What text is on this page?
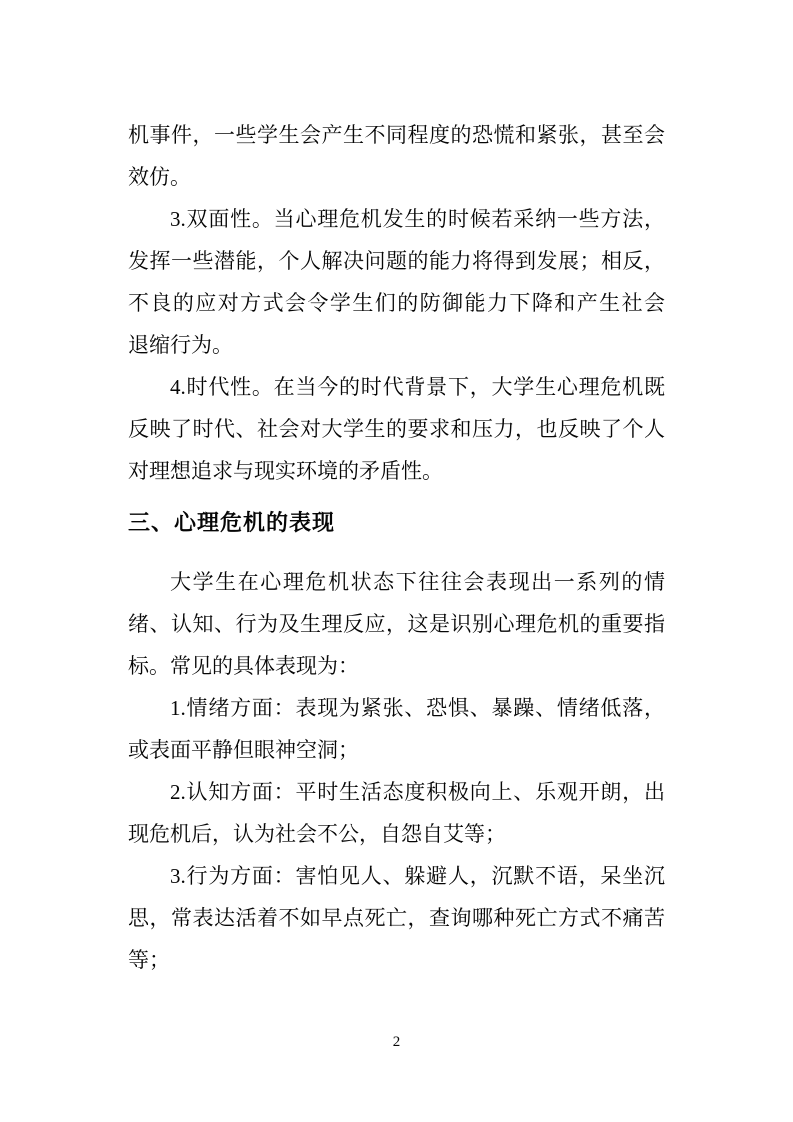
机事件，一些学生会产生不同程度的恐慌和紧张，甚至会
效仿。
3.双面性。当心理危机发生的时候若采纳一些方法，
发挥一些潜能，个人解决问题的能力将得到发展；相反，
不良的应对方式会令学生们的防御能力下降和产生社会
退缩行为。
4.时代性。在当今的时代背景下，大学生心理危机既
反映了时代、社会对大学生的要求和压力，也反映了个人
对理想追求与现实环境的矛盾性。
三、心理危机的表现
大学生在心理危机状态下往往会表现出一系列的情
绪、认知、行为及生理反应，这是识别心理危机的重要指
标。常见的具体表现为：
1.情绪方面：表现为紧张、恐惧、暴躁、情绪低落，
或表面平静但眼神空洞；
2.认知方面：平时生活态度积极向上、乐观开朗，出
现危机后，认为社会不公，自怨自艾等；
3.行为方面：害怕见人、躲避人，沉默不语，呆坐沉
思，常表达活着不如早点死亡，查询哪种死亡方式不痛苦
等；
2
